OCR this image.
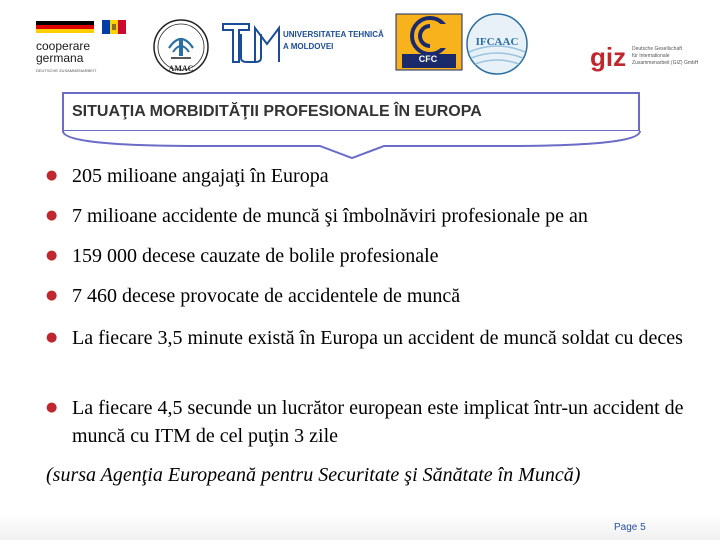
cooperare
germana
DEUTSCHE ZUSAMMENARBEIT	AMAC
UNIVERSITATEA TEHNICĂ
A MOLDOVEI
CFC
IFCAAC	giz Deutsche Gesellschaft
für Internationale
Zusammenarbeit (GIZ) GmbH
SITUAŢIA MORBIDITĂŢII PROFESIONALE ÎN EUROPA
● 205 milioane angajaţi în Europa
● 7 milioane accidente de muncă şi îmbolnăviri profesionale pe an
● 159 000 decese cauzate de bolile profesionale
● 7 460 decese provocate de accidentele de muncă
● La fiecare 3,5 minute există în Europa un accident de muncă soldat cu deces
● La fiecare 4,5 secunde un lucrător european este implicat într-un accident de muncă cu ITM de cel puţin 3 zile
(sursa Agenţia Europeană pentru Securitate şi Sănătate în Muncă)
Page 5
